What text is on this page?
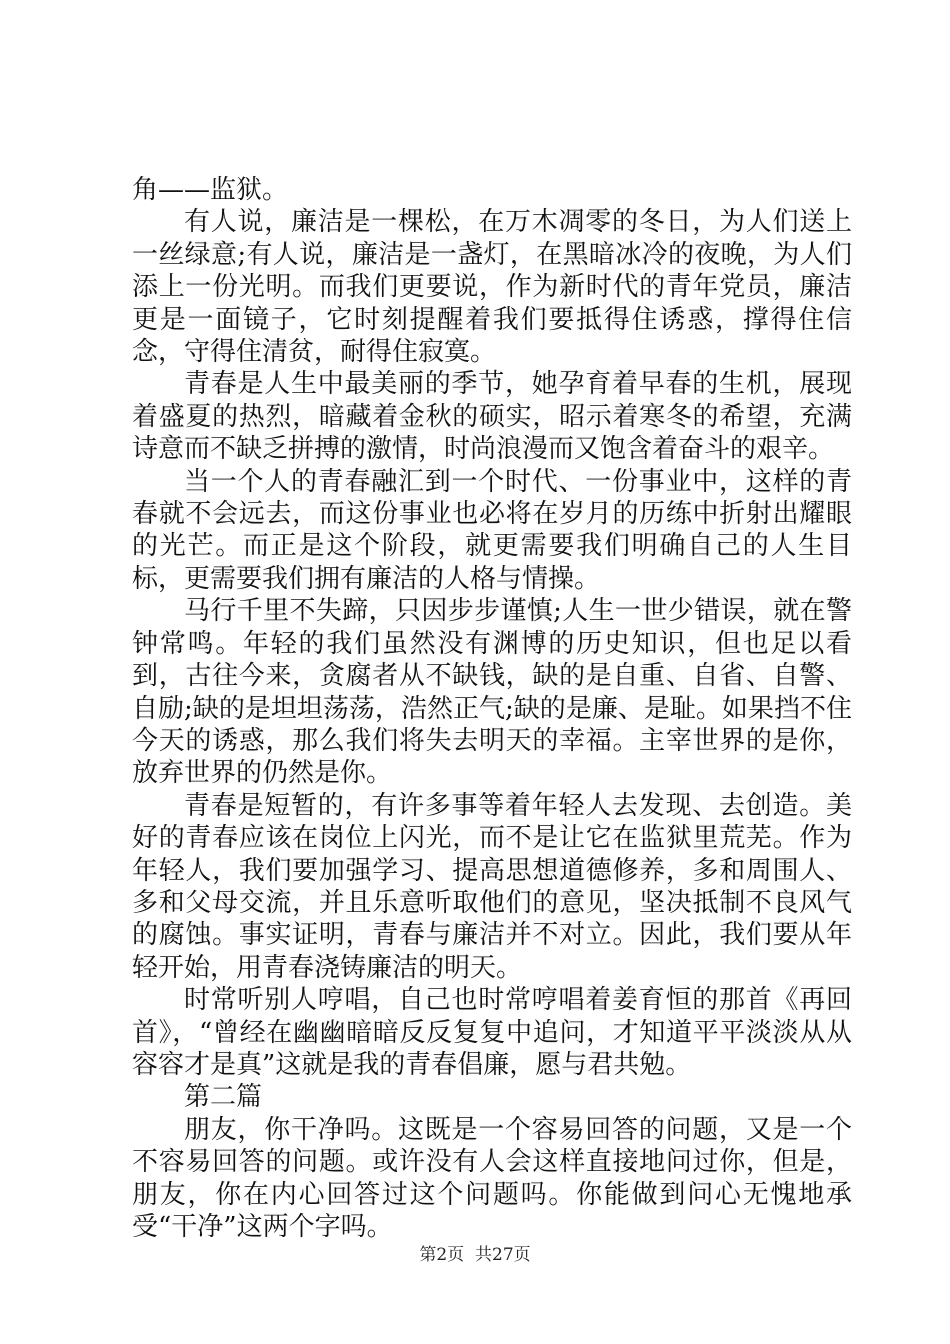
角——监狱。

有人说，廉洁是一棵松，在万木凋零的冬日，为人们送上一丝绿意;有人说，廉洁是一盏灯，在黑暗冰冷的夜晚，为人们添上一份光明。而我们更要说，作为新时代的青年党员，廉洁更是一面镜子，它时刻提醒着我们要抵得住诱惑，撑得住信念，守得住清贫，耐得住寂寞。

青春是人生中最美丽的季节，她孕育着早春的生机，展现着盛夏的热烈，暗藏着金秋的硕实，昭示着寒冬的希望，充满诗意而不缺乏拼搏的激情，时尚浪漫而又饱含着奋斗的艰辛。

当一个人的青春融汇到一个时代、一份事业中，这样的青春就不会远去，而这份事业也必将在岁月的历练中折射出耀眼的光芒。而正是这个阶段，就更需要我们明确自己的人生目标，更需要我们拥有廉洁的人格与情操。

马行千里不失蹄，只因步步谨慎;人生一世少错误，就在警钟常鸣。年轻的我们虽然没有渊博的历史知识，但也足以看到，古往今来，贪腐者从不缺钱，缺的是自重、自省、自警、自励;缺的是坦坦荡荡，浩然正气;缺的是廉、是耻。如果挡不住今天的诱惑，那么我们将失去明天的幸福。主宰世界的是你，放弃世界的仍然是你。

青春是短暂的，有许多事等着年轻人去发现、去创造。美好的青春应该在岗位上闪光，而不是让它在监狱里荒芜。作为年轻人，我们要加强学习、提高思想道德修养，多和周围人、多和父母交流，并且乐意听取他们的意见，坚决抵制不良风气的腐蚀。事实证明，青春与廉洁并不对立。因此，我们要从年轻开始，用青春浇铸廉洁的明天。

时常听别人哼唱，自己也时常哼唱着姜育恒的那首《再回首》，“曾经在幽幽暗暗反反复复中追问，才知道平平淡淡从从容容才是真”这就是我的青春倡廉，愿与君共勉。

第二篇

朋友，你干净吗。这既是一个容易回答的问题，又是一个不容易回答的问题。或许没有人会这样直接地问过你，但是，朋友，你在内心回答过这个问题吗。你能做到问心无愧地承受“干净”这两个字吗。

第2页 共27页
